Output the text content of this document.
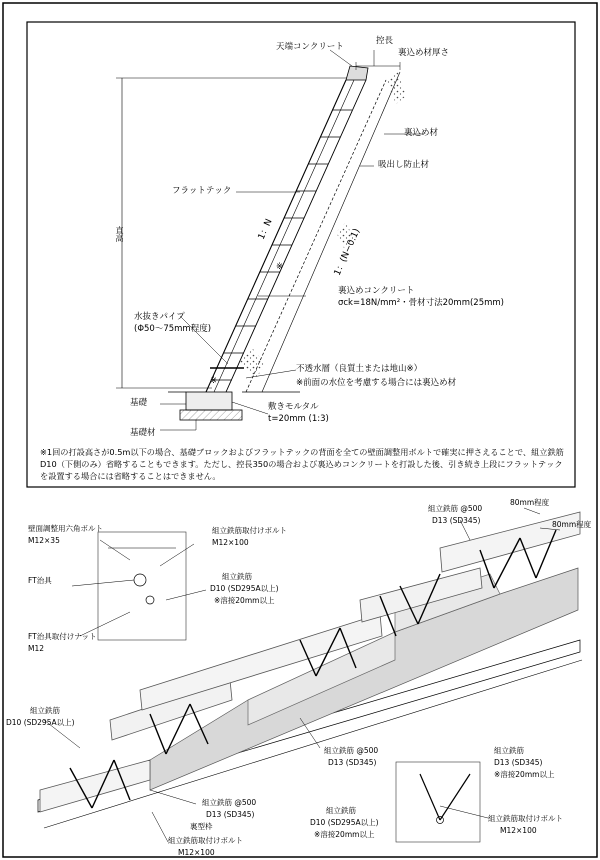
天端コンクリート
控長
裏込め材厚さ
裏込め材
吸出し防止材
フラットテック
1：N	1：(N−0.1)
直高
※
裏込めコンクリート
σck=18N/mm²・骨材寸法20mm(25mm)
水抜きパイプ
(Φ50〜75mm程度)
不透水層（良質土または地山※）
※前面の水位を考慮する場合には裏込め材
※
基礎	敷きモルタル
t=20mm (1:3)
基礎材
※1回の打設高さが0.5m以下の場合、基礎ブロックおよびフラットテックの背面を全ての壁面調整用ボルトで確実に押さえることで、組立鉄筋D10（下側のみ）省略することもできます。ただし、控長350の場合および裏込めコンクリートを打設した後、引き続き上段にフラットテックを設置する場合には省略することはできません。
壁面調整用六角ボルト
M12×35
組立鉄筋取付けボルト
M12×100
組立鉄筋
D10 (SD295A以上)
※溶接20mm以上
FT治具
FT治具取付けナット
M12
組立鉄筋 @500
D13 (SD345)
80mm程度
80mm程度
組立鉄筋
D10 (SD295A以上)
組立鉄筋 @500
D13 (SD345)
組立鉄筋 @500
D13 (SD345)
裏型枠
組立鉄筋取付けボルト
M12×100
組立鉄筋
D10 (SD295A以上)
※溶接20mm以上
組立鉄筋
D13 (SD345)
※溶接20mm以上
組立鉄筋取付けボルト
M12×100
